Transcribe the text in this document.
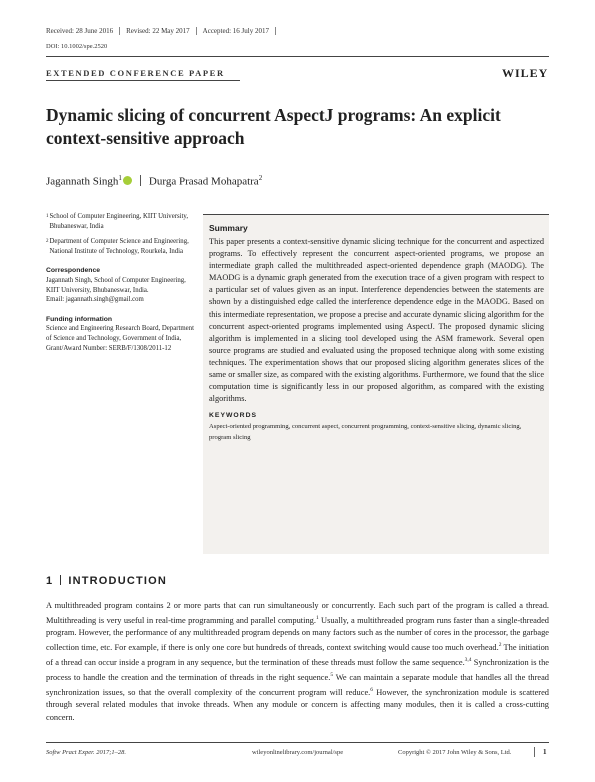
Received: 28 June 2016 Revised: 22 May 2017 Accepted: 16 July 2017
DOI: 10.1002/spe.2520
EXTENDED CONFERENCE PAPER	WILEY
Dynamic slicing of concurrent AspectJ programs: An explicit context-sensitive approach
Jagannath Singh$^1$ Durga Prasad Mohapatra$^2$

1 School of Computer Engineering, KIIT University, Bhubaneswar, India

2 Department of Computer Science and Engineering, National Institute of Technology, Rourkela, India

Correspondence
Jagannath Singh, School of Computer Engineering, KIIT University, Bhubaneswar, India.
Email: jagannath.singh@gmail.com

Funding information
Science and Engineering Research Board, Department of Science and Technology, Government of India, Grant/Award Number: SERB/F/1308/2011-12

Summary
This paper presents a context-sensitive dynamic slicing technique for the concurrent and aspectized programs. To effectively represent the concurrent aspect-oriented programs, we propose an intermediate graph called the multithreaded aspect-oriented dependence graph (MAODG). The MAODG is a dynamic graph generated from the execution trace of a given program with respect to a particular set of values given as an input. Interference dependencies between the statements are shown by a distinguished edge called the interference dependence edge in the MAODG. Based on this intermediate representation, we propose a precise and accurate dynamic slicing algorithm for the concurrent aspect-oriented programs implemented using AspectJ. The proposed dynamic slicing algorithm is implemented in a slicing tool developed using the ASM framework. Several open source programs are studied and evaluated using the proposed technique along with some existing techniques. The experimentation shows that our proposed slicing algorithm generates slices of the same or smaller size, as compared with the existing algorithms. Furthermore, we found that the slice computation time is significantly less in our proposed algorithm, as compared with the existing algorithms.
KEYWORDS
Aspect-oriented programming, concurrent aspect, concurrent programming, context-sensitive slicing, dynamic slicing, program slicing
1 INTRODUCTION
A multithreaded program contains 2 or more parts that can run simultaneously or concurrently. Each such part of the program is called a thread. Multithreading is very useful in real-time programming and parallel computing.$^1$ Usually, a multithreaded program runs faster than a single-threaded program. However, the performance of any multithreaded program depends on many factors such as the number of cores in the processor, the garbage collection time, etc. For example, if there is only one core but hundreds of threads, context switching would cause too much overhead.$^2$ The initiation of a thread can occur inside a program in any sequence, but the termination of these threads must follow the same sequence.$^{3,4}$ Synchronization is the process to handle the creation and the termination of threads in the right sequence.$^5$ We can maintain a separate module that handles all the thread synchronization issues, so that the overall complexity of the concurrent program will reduce.$^6$ However, the synchronization module is scattered through several related modules that invoke threads. When any module or concern is affecting many modules, then it is called a cross-cutting concern.
Softw Pract Exper. 2017;1–28.	wileyonlinelibrary.com/journal/spe	Copyright © 2017 John Wiley & Sons, Ltd.	1
